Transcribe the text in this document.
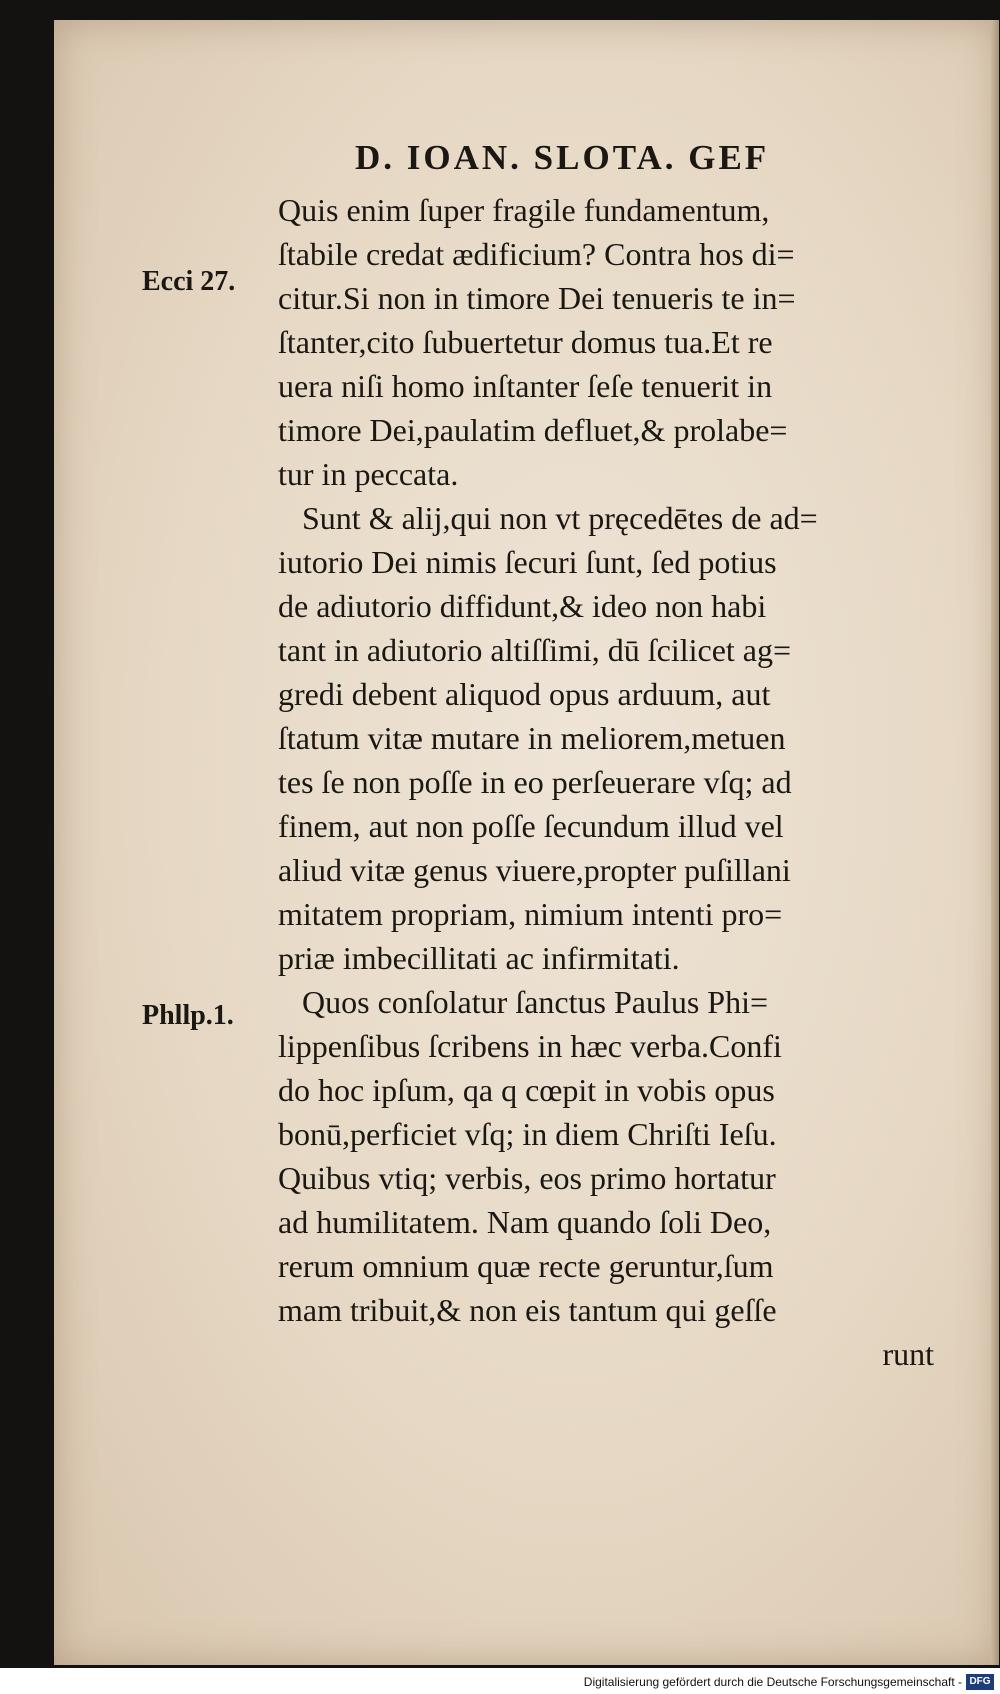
D. IOAN. SLOTA. GEF
Ecci 27.
Phllp.1.
Quis enim ſuper fragile fundamentum,
ſtabile credat ædificium? Contra hos di=
citur.Si non in timore Dei tenueris te in=
ſtanter,cito ſubuertetur domus tua.Et re
uera niſi homo inſtanter ſeſe tenuerit in
timore Dei,paulatim defluet,& prolabe=
tur in peccata.
Sunt & alij,qui non vt pręcedētes de ad=
iutorio Dei nimis ſecuri ſunt, ſed potius
de adiutorio diffidunt,& ideo non habi
tant in adiutorio altiſſimi, dū ſcilicet ag=
gredi debent aliquod opus arduum, aut
ſtatum vitæ mutare in meliorem,metuen
tes ſe non poſſe in eo perſeuerare vſq; ad
finem, aut non poſſe ſecundum illud vel
aliud vitæ genus viuere,propter puſillani
mitatem propriam, nimium intenti pro=
priæ imbecillitati ac infirmitati.
Quos conſolatur ſanctus Paulus Phi=
lippenſibus ſcribens in hæc verba.Confi
do hoc ipſum, qa q cœpit in vobis opus
bonū,perficiet vſq; in diem Chriſti Ieſu.
Quibus vtiq; verbis, eos primo hortatur
ad humilitatem. Nam quando ſoli Deo,
rerum omnium quæ recte geruntur,ſum
mam tribuit,& non eis tantum qui geſſe
runt
Digitalisierung gefördert durch die Deutsche Forschungsgemeinschaft - DFG
